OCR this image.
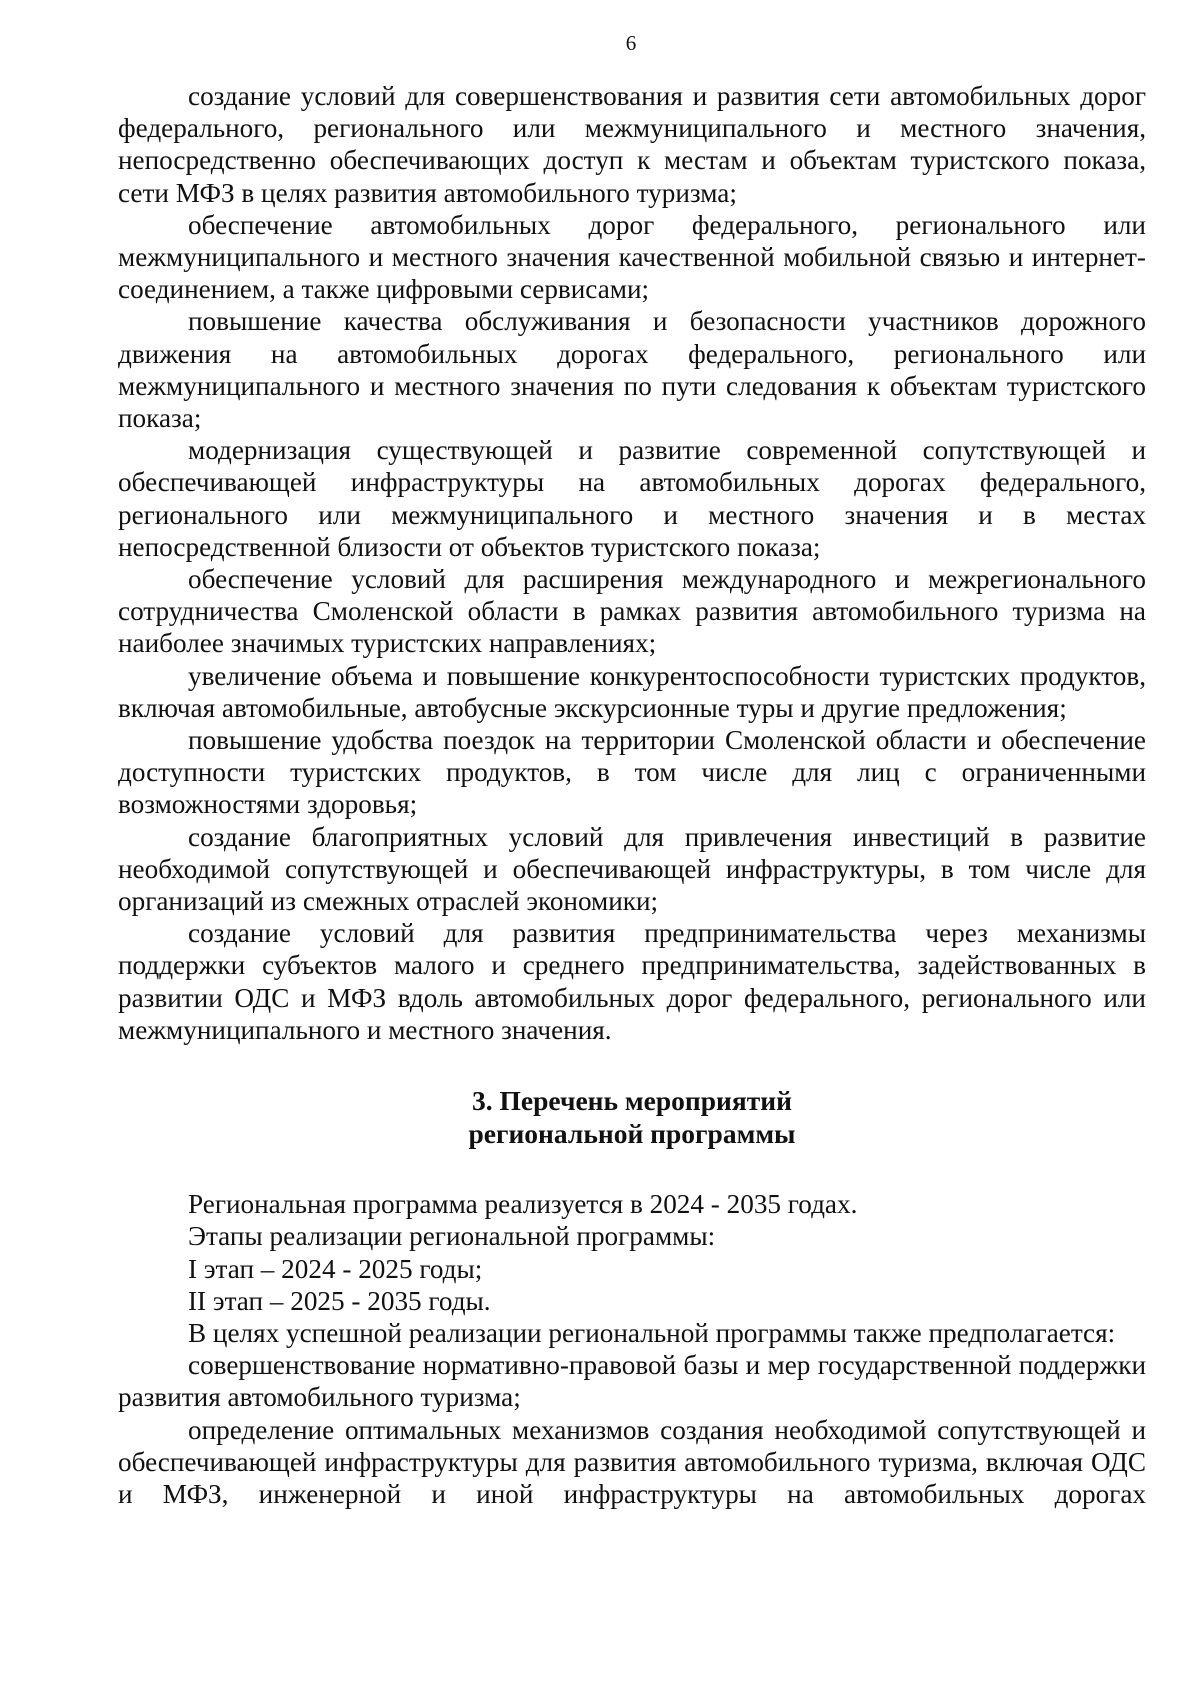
6

создание условий для совершенствования и развития сети автомобильных дорог федерального, регионального или межмуниципального и местного значения, непосредственно обеспечивающих доступ к местам и объектам туристского показа, сети МФЗ в целях развития автомобильного туризма;

обеспечение автомобильных дорог федерального, регионального или межмуниципального и местного значения качественной мобильной связью и интернет-соединением, а также цифровыми сервисами;

повышение качества обслуживания и безопасности участников дорожного движения на автомобильных дорогах федерального, регионального или межмуниципального и местного значения по пути следования к объектам туристского показа;

модернизация существующей и развитие современной сопутствующей и обеспечивающей инфраструктуры на автомобильных дорогах федерального, регионального или межмуниципального и местного значения и в местах непосредственной близости от объектов туристского показа;

обеспечение условий для расширения международного и межрегионального сотрудничества Смоленской области в рамках развития автомобильного туризма на наиболее значимых туристских направлениях;

увеличение объема и повышение конкурентоспособности туристских продуктов, включая автомобильные, автобусные экскурсионные туры и другие предложения;

повышение удобства поездок на территории Смоленской области и обеспечение доступности туристских продуктов, в том числе для лиц с ограниченными возможностями здоровья;

создание благоприятных условий для привлечения инвестиций в развитие необходимой сопутствующей и обеспечивающей инфраструктуры, в том числе для организаций из смежных отраслей экономики;

создание условий для развития предпринимательства через механизмы поддержки субъектов малого и среднего предпринимательства, задействованных в развитии ОДС и МФЗ вдоль автомобильных дорог федерального, регионального или межмуниципального и местного значения.

3. Перечень мероприятий

региональной программы

Региональная программа реализуется в 2024 - 2035 годах.

Этапы реализации региональной программы:

I этап – 2024 - 2025 годы;

II этап – 2025 - 2035 годы.

В целях успешной реализации региональной программы также предполагается:

совершенствование нормативно-правовой базы и мер государственной поддержки развития автомобильного туризма;

определение оптимальных механизмов создания необходимой сопутствующей и обеспечивающей инфраструктуры для развития автомобильного туризма, включая ОДС и МФЗ, инженерной и иной инфраструктуры на автомобильных дорогах
